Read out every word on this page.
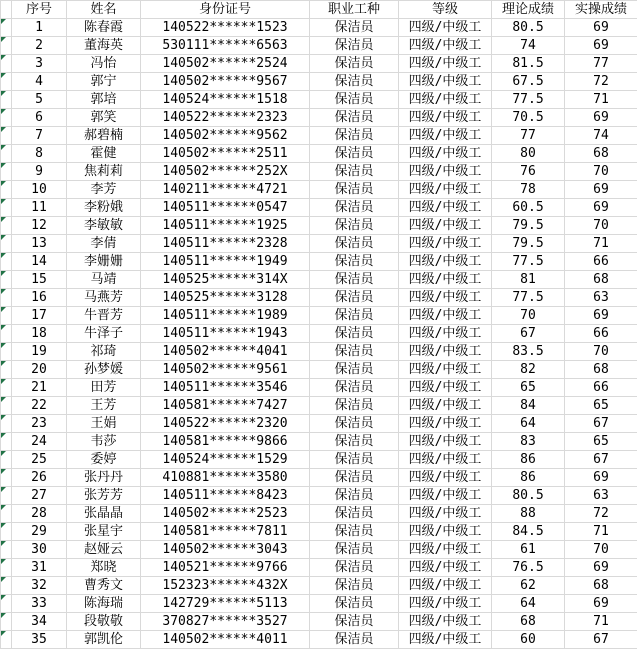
	序号	姓名	身份证号	职业工种	等级	理论成绩	实操成绩

	1	陈春霞	140522******1523	保洁员	四级/中级工	80.5	69

	2	董海英	530111******6563	保洁员	四级/中级工	74	69

	3	冯怡	140502******2524	保洁员	四级/中级工	81.5	77

	4	郭宁	140502******9567	保洁员	四级/中级工	67.5	72

	5	郭培	140524******1518	保洁员	四级/中级工	77.5	71

	6	郭笑	140522******2323	保洁员	四级/中级工	70.5	69

	7	郝碧楠	140502******9562	保洁员	四级/中级工	77	74

	8	霍健	140502******2511	保洁员	四级/中级工	80	68

	9	焦莉莉	140502******252X	保洁员	四级/中级工	76	70

	10	李芳	140211******4721	保洁员	四级/中级工	78	69

	11	李粉娥	140511******0547	保洁员	四级/中级工	60.5	69

	12	李敏敏	140511******1925	保洁员	四级/中级工	79.5	70

	13	李倩	140511******2328	保洁员	四级/中级工	79.5	71

	14	李姗姗	140511******1949	保洁员	四级/中级工	77.5	66

	15	马靖	140525******314X	保洁员	四级/中级工	81	68

	16	马燕芳	140525******3128	保洁员	四级/中级工	77.5	63

	17	牛晋芳	140511******1989	保洁员	四级/中级工	70	69

	18	牛泽子	140511******1943	保洁员	四级/中级工	67	66

	19	祁琦	140502******4041	保洁员	四级/中级工	83.5	70

	20	孙梦媛	140502******9561	保洁员	四级/中级工	82	68

	21	田芳	140511******3546	保洁员	四级/中级工	65	66

	22	王芳	140581******7427	保洁员	四级/中级工	84	65

	23	王娟	140522******2320	保洁员	四级/中级工	64	67

	24	韦莎	140581******9866	保洁员	四级/中级工	83	65

	25	委婷	140524******1529	保洁员	四级/中级工	86	67

	26	张丹丹	410881******3580	保洁员	四级/中级工	86	69

	27	张芳芳	140511******8423	保洁员	四级/中级工	80.5	63

	28	张晶晶	140502******2523	保洁员	四级/中级工	88	72

	29	张星宇	140581******7811	保洁员	四级/中级工	84.5	71

	30	赵娅云	140502******3043	保洁员	四级/中级工	61	70

	31	郑晓	140521******9766	保洁员	四级/中级工	76.5	69

	32	曹秀文	152323******432X	保洁员	四级/中级工	62	68

	33	陈海瑞	142729******5113	保洁员	四级/中级工	64	69

	34	段敬敬	370827******3527	保洁员	四级/中级工	68	71

	35	郭凯伦	140502******4011	保洁员	四级/中级工	60	67
